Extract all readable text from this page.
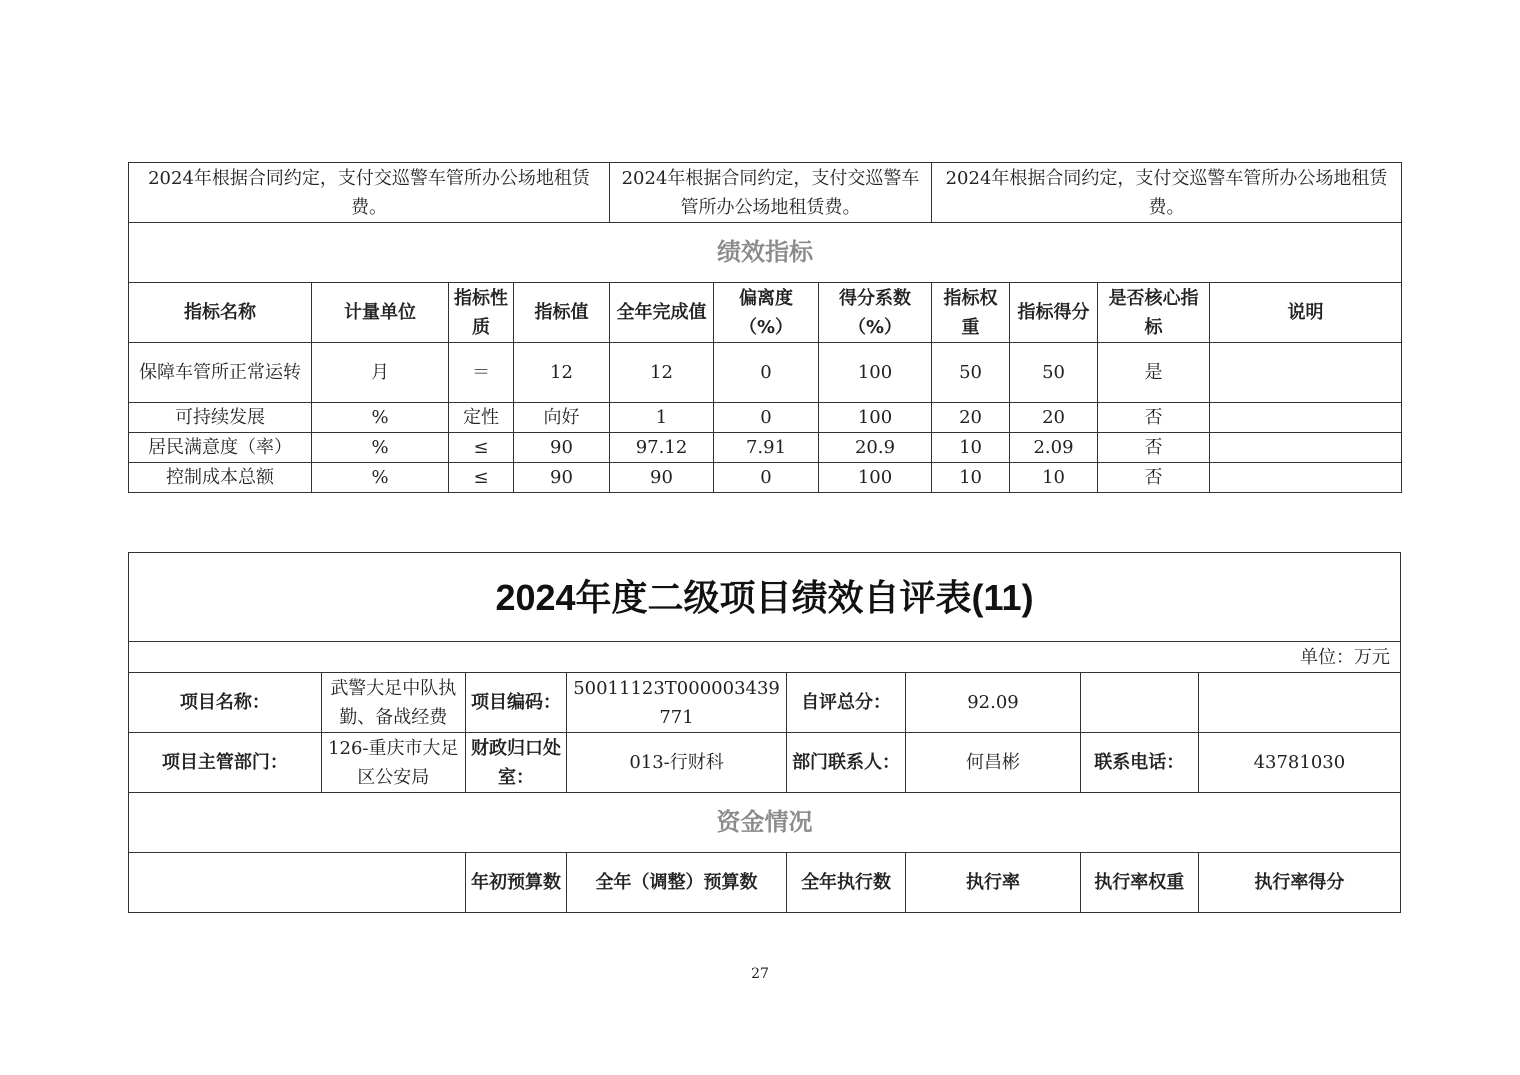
2024年根据合同约定，支付交巡警车管所办公场地租赁费。				2024年根据合同约定，支付交巡警车管所办公场地租赁费。			2024年根据合同约定，支付交巡警车管所办公场地租赁费。			
绩效指标										
指标名称	计量单位	指标性质	指标值	全年完成值	偏离度（%）	得分系数（%）	指标权重	指标得分	是否核心指标	说明
保障车管所正常运转	月	＝	12	12	0	100	50	50	是	
可持续发展	%	定性	向好	1	0	100	20	20	否	
居民满意度（率）	%	≤	90	97.12	7.91	20.9	10	2.09	否	
控制成本总额	%	≤	90	90	0	100	10	10	否	
2024年度二级项目绩效自评表(11)							
单位：万元							
项目名称：	武警大足中队执勤、备战经费	项目编码：	50011123T000003439771	自评总分：	92.09		
项目主管部门：	126-重庆市大足区公安局	财政归口处室：	013-行财科	部门联系人：	何昌彬	联系电话：	43781030
资金情况							
		年初预算数	全年（调整）预算数	全年执行数	执行率	执行率权重	执行率得分
27
